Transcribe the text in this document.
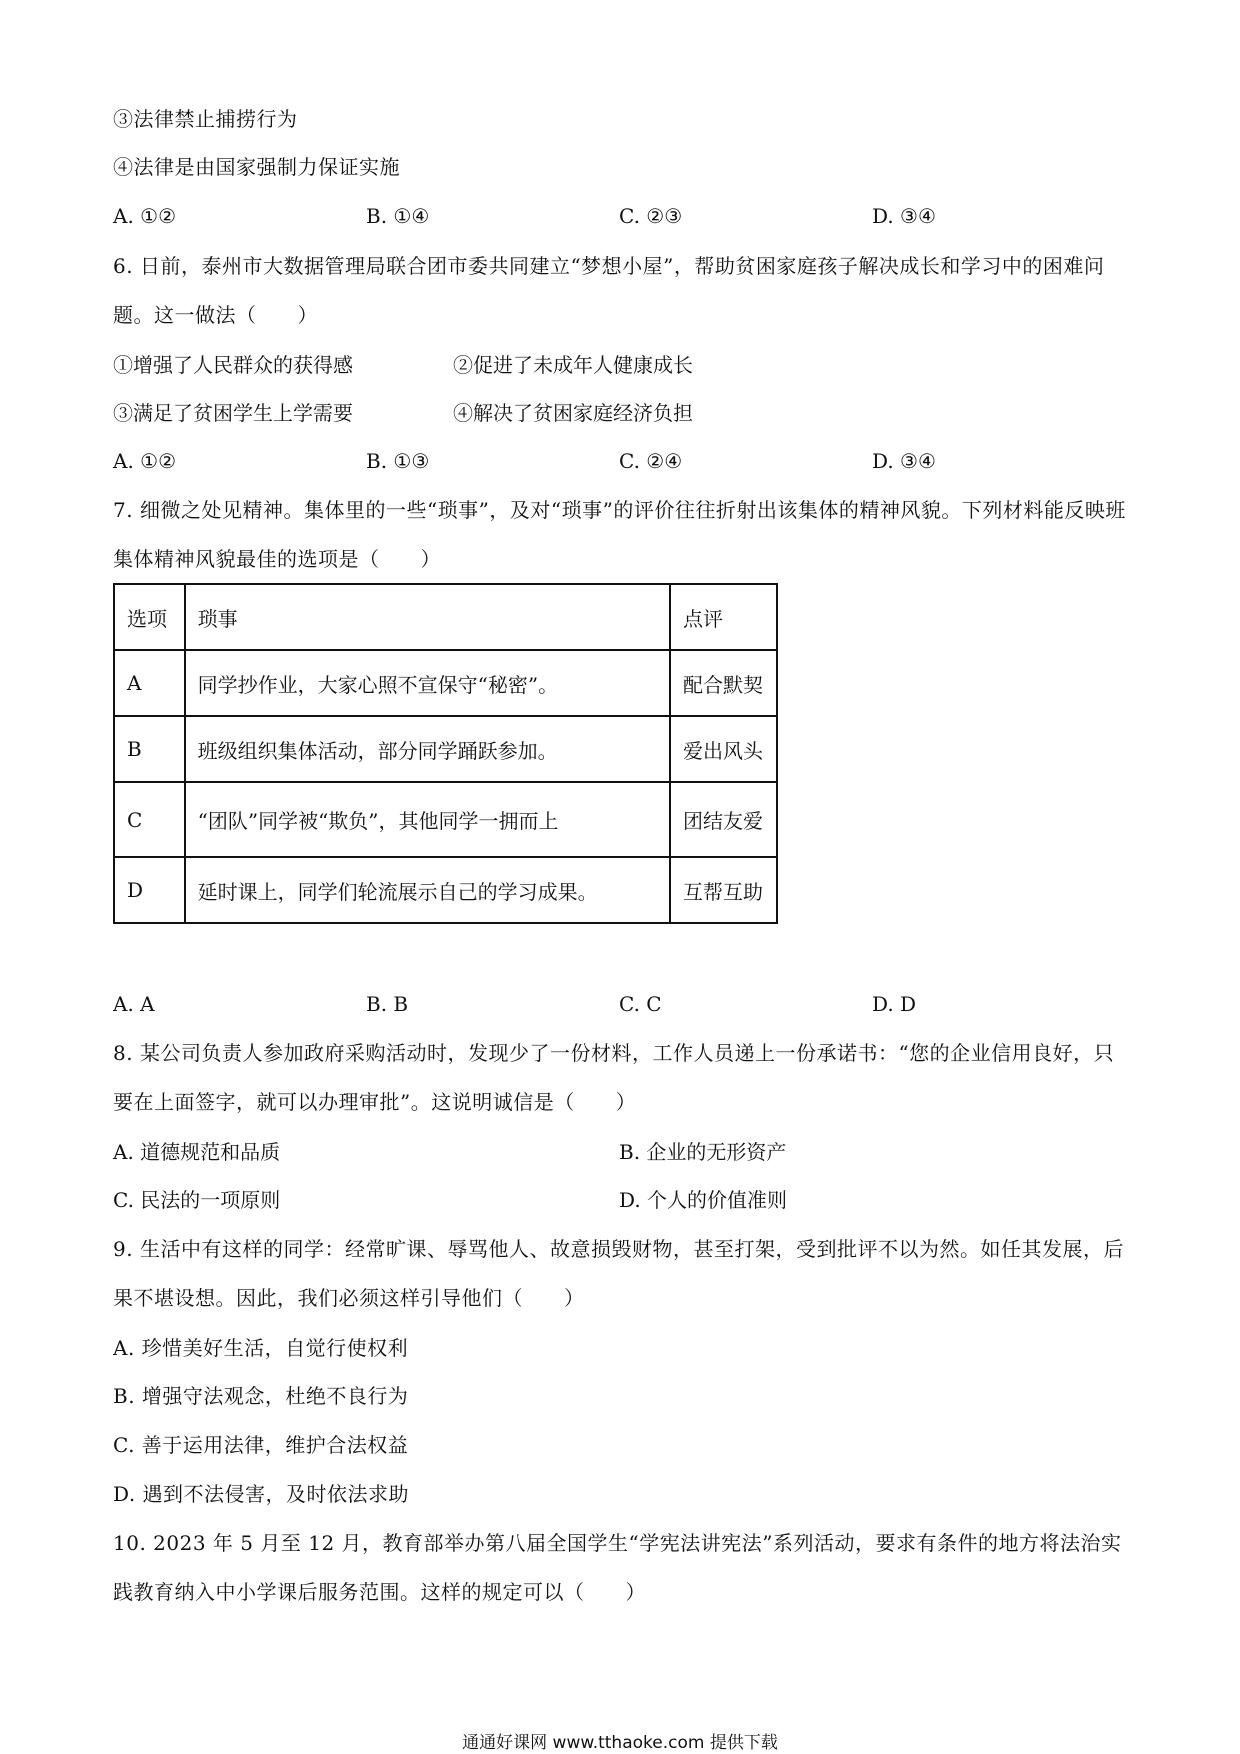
③法律禁止捕捞行为
④法律是由国家强制力保证实施
A. ①②	B. ①④	C. ②③	D. ③④
6. 日前，泰州市大数据管理局联合团市委共同建立“梦想小屋”，帮助贫困家庭孩子解决成长和学习中的困难问题。这一做法（　　）
①增强了人民群众的获得感	②促进了未成年人健康成长
③满足了贫困学生上学需要	④解决了贫困家庭经济负担
A. ①②	B. ①③	C. ②④	D. ③④
7. 细微之处见精神。集体里的一些“琐事”，及对“琐事”的评价往往折射出该集体的精神风貌。下列材料能反映班集体精神风貌最佳的选项是（　　）
选项	琐事	点评
A	同学抄作业，大家心照不宣保守“秘密”。	配合默契
B	班级组织集体活动，部分同学踊跃参加。	爱出风头
C	“团队”同学被“欺负”，其他同学一拥而上	团结友爱
D	延时课上，同学们轮流展示自己的学习成果。	互帮互助
A. A	B. B	C. C	D. D
8. 某公司负责人参加政府采购活动时，发现少了一份材料，工作人员递上一份承诺书：“您的企业信用良好，只要在上面签字，就可以办理审批”。这说明诚信是（　　）
A. 道德规范和品质	B. 企业的无形资产
C. 民法的一项原则	D. 个人的价值准则
9. 生活中有这样的同学：经常旷课、辱骂他人、故意损毁财物，甚至打架，受到批评不以为然。如任其发展，后果不堪设想。因此，我们必须这样引导他们（　　）
A. 珍惜美好生活，自觉行使权利
B. 增强守法观念，杜绝不良行为
C. 善于运用法律，维护合法权益
D. 遇到不法侵害，及时依法求助
10. 2023 年 5 月至 12 月，教育部举办第八届全国学生“学宪法讲宪法”系列活动，要求有条件的地方将法治实践教育纳入中小学课后服务范围。这样的规定可以（　　）
通通好课网 www.tthaoke.com 提供下载
